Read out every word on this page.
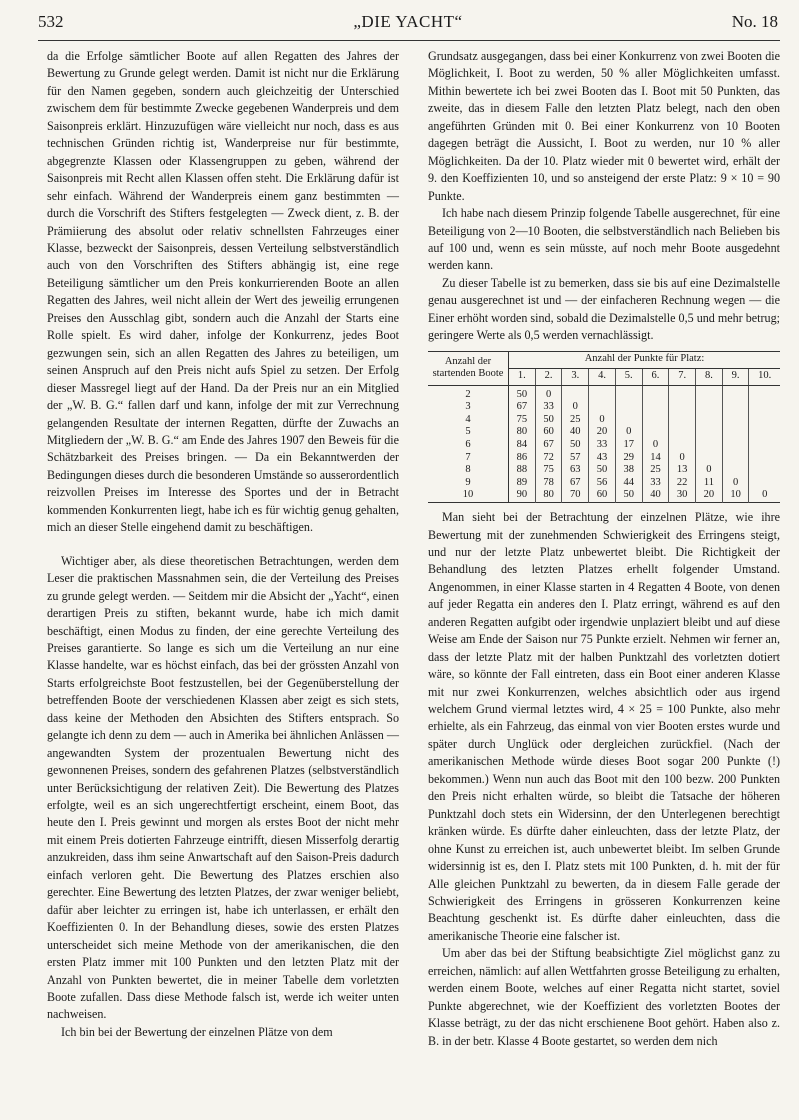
532	„DIE YACHT“	No. 18

da die Erfolge sämtlicher Boote auf allen Regatten des Jahres der Bewertung zu Grunde gelegt werden. Damit ist nicht nur die Erklärung für den Namen gegeben, sondern auch gleichzeitig der Unterschied zwischem dem für bestimmte Zwecke gegebenen Wanderpreis und dem Saisonpreis erklärt. Hinzuzufügen wäre vielleicht nur noch, dass es aus technischen Gründen richtig ist, Wanderpreise nur für bestimmte, abgegrenzte Klassen oder Klassengruppen zu geben, während der Saisonpreis mit Recht allen Klassen offen steht. Die Erklärung dafür ist sehr einfach. Während der Wanderpreis einem ganz bestimmten — durch die Vorschrift des Stifters festgelegten — Zweck dient, z. B. der Prämiierung des absolut oder relativ schnellsten Fahrzeuges einer Klasse, bezweckt der Saisonpreis, dessen Verteilung selbstverständlich auch von den Vorschriften des Stifters abhängig ist, eine rege Beteiligung sämtlicher um den Preis konkurrierenden Boote an allen Regatten des Jahres, weil nicht allein der Wert des jeweilig errungenen Preises den Ausschlag gibt, sondern auch die Anzahl der Starts eine Rolle spielt. Es wird daher, infolge der Konkurrenz, jedes Boot gezwungen sein, sich an allen Regatten des Jahres zu beteiligen, um seinen Anspruch auf den Preis nicht aufs Spiel zu setzen. Der Erfolg dieser Massregel liegt auf der Hand. Da der Preis nur an ein Mitglied der „W. B. G.“ fallen darf und kann, infolge der mit zur Verrechnung gelangenden Resultate der internen Regatten, dürfte der Zuwachs an Mitgliedern der „W. B. G.“ am Ende des Jahres 1907 den Beweis für die Schätzbarkeit des Preises bringen. — Da ein Bekanntwerden der Bedingungen dieses durch die besonderen Umstände so ausserordentlich reizvollen Preises im Interesse des Sportes und der in Betracht kommenden Konkurrenten liegt, habe ich es für wichtig genug gehalten, mich an dieser Stelle eingehend damit zu beschäftigen.

Wichtiger aber, als diese theoretischen Betrachtungen, werden dem Leser die praktischen Massnahmen sein, die der Verteilung des Preises zu grunde gelegt werden. — Seitdem mir die Absicht der „Yacht“, einen derartigen Preis zu stiften, bekannt wurde, habe ich mich damit beschäftigt, einen Modus zu finden, der eine gerechte Verteilung des Preises garantierte. So lange es sich um die Verteilung an nur eine Klasse handelte, war es höchst einfach, das bei der grössten Anzahl von Starts erfolgreichste Boot festzustellen, bei der Gegenüberstellung der betreffenden Boote der verschiedenen Klassen aber zeigt es sich stets, dass keine der Methoden den Absichten des Stifters entsprach. So gelangte ich denn zu dem — auch in Amerika bei ähnlichen Anlässen — angewandten System der prozentualen Bewertung nicht des gewonnenen Preises, sondern des gefahrenen Platzes (selbstverständlich unter Berücksichtigung der relativen Zeit). Die Bewertung des Platzes erfolgte, weil es an sich ungerechtfertigt erscheint, einem Boot, das heute den I. Preis gewinnt und morgen als erstes Boot der nicht mehr mit einem Preis dotierten Fahrzeuge eintrifft, diesen Misserfolg derartig anzukreiden, dass ihm seine Anwartschaft auf den Saison-Preis dadurch einfach verloren geht. Die Bewertung des Platzes erschien also gerechter. Eine Bewertung des letzten Platzes, der zwar weniger beliebt, dafür aber leichter zu erringen ist, habe ich unterlassen, er erhält den Koeffizienten 0. In der Behandlung dieses, sowie des ersten Platzes unterscheidet sich meine Methode von der amerikanischen, die den ersten Platz immer mit 100 Punkten und den letzten Platz mit der Anzahl von Punkten bewertet, die in meiner Tabelle dem vorletzten Boote zufallen. Dass diese Methode falsch ist, werde ich weiter unten nachweisen.

Ich bin bei der Bewertung der einzelnen Plätze von dem

Grundsatz ausgegangen, dass bei einer Konkurrenz von zwei Booten die Möglichkeit, I. Boot zu werden, 50 % aller Möglichkeiten umfasst. Mithin bewertete ich bei zwei Booten das I. Boot mit 50 Punkten, das zweite, das in diesem Falle den letzten Platz belegt, nach den oben angeführten Gründen mit 0. Bei einer Konkurrenz von 10 Booten dagegen beträgt die Aussicht, I. Boot zu werden, nur 10 % aller Möglichkeiten. Da der 10. Platz wieder mit 0 bewertet wird, erhält der 9. den Koeffizienten 10, und so ansteigend der erste Platz: 9 × 10 = 90 Punkte.

Ich habe nach diesem Prinzip folgende Tabelle ausgerechnet, für eine Beteiligung von 2—10 Booten, die selbstverständlich nach Belieben bis auf 100 und, wenn es sein müsste, auf noch mehr Boote ausgedehnt werden kann.

Zu dieser Tabelle ist zu bemerken, dass sie bis auf eine Dezimalstelle genau ausgerechnet ist und — der einfacheren Rechnung wegen — die Einer erhöht worden sind, sobald die Dezimalstelle 0,5 und mehr betrug; geringere Werte als 0,5 werden vernachlässigt.

Anzahl der
startenden Boote	Anzahl der Punkte für Platz:									
	1.	2.	3.	4.	5.	6.	7.	8.	9.	10.
2	50	0								
3	67	33	0							
4	75	50	25	0						
5	80	60	40	20	0					
6	84	67	50	33	17	0				
7	86	72	57	43	29	14	0			
8	88	75	63	50	38	25	13	0		
9	89	78	67	56	44	33	22	11	0	
10	90	80	70	60	50	40	30	20	10	0

Man sieht bei der Betrachtung der einzelnen Plätze, wie ihre Bewertung mit der zunehmenden Schwierigkeit des Erringens steigt, und nur der letzte Platz unbewertet bleibt. Die Richtigkeit der Behandlung des letzten Platzes erhellt folgender Umstand. Angenommen, in einer Klasse starten in 4 Regatten 4 Boote, von denen auf jeder Regatta ein anderes den I. Platz erringt, während es auf den anderen Regatten aufgibt oder irgendwie unplaziert bleibt und auf diese Weise am Ende der Saison nur 75 Punkte erzielt. Nehmen wir ferner an, dass der letzte Platz mit der halben Punktzahl des vorletzten dotiert wäre, so könnte der Fall eintreten, dass ein Boot einer anderen Klasse mit nur zwei Konkurrenzen, welches absichtlich oder aus irgend welchem Grund viermal letztes wird, 4 × 25 = 100 Punkte, also mehr erhielte, als ein Fahrzeug, das einmal von vier Booten erstes wurde und später durch Unglück oder dergleichen zurückfiel. (Nach der amerikanischen Methode würde dieses Boot sogar 200 Punkte (!) bekommen.) Wenn nun auch das Boot mit den 100 bezw. 200 Punkten den Preis nicht erhalten würde, so bleibt die Tatsache der höheren Punktzahl doch stets ein Widersinn, der den Unterlegenen berechtigt kränken würde. Es dürfte daher einleuchten, dass der letzte Platz, der ohne Kunst zu erreichen ist, auch unbewertet bleibt. Im selben Grunde widersinnig ist es, den I. Platz stets mit 100 Punkten, d. h. mit der für Alle gleichen Punktzahl zu bewerten, da in diesem Falle gerade der Schwierigkeit des Erringens in grösseren Konkurrenzen keine Beachtung geschenkt ist. Es dürfte daher einleuchten, dass die amerikanische Theorie eine falscher ist.

Um aber das bei der Stiftung beabsichtigte Ziel möglichst ganz zu erreichen, nämlich: auf allen Wettfahrten grosse Beteiligung zu erhalten, werden einem Boote, welches auf einer Regatta nicht startet, soviel Punkte abgerechnet, wie der Koeffizient des vorletzten Bootes der Klasse beträgt, zu der das nicht erschienene Boot gehört. Haben also z. B. in der betr. Klasse 4 Boote gestartet, so werden dem nich
